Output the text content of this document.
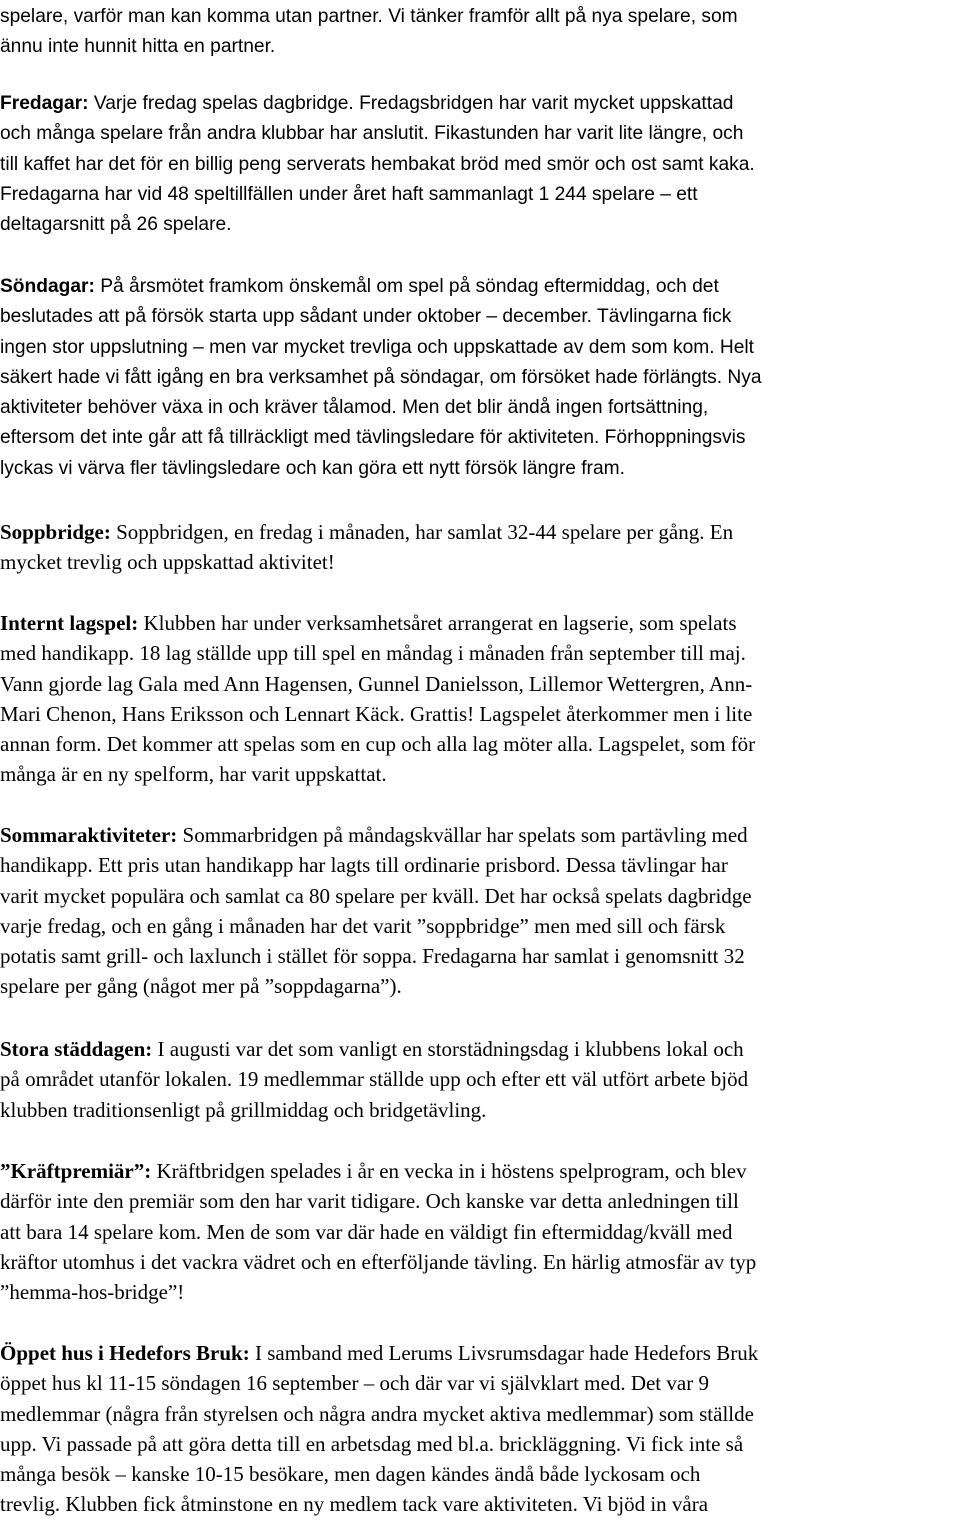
spelare, varför man kan komma utan partner. Vi tänker framför allt på nya spelare, som
ännu inte hunnit hitta en partner.
Fredagar: Varje fredag spelas dagbridge. Fredagsbridgen har varit mycket uppskattad
och många spelare från andra klubbar har anslutit. Fikastunden har varit lite längre, och
till kaffet har det för en billig peng serverats hembakat bröd med smör och ost samt kaka.
Fredagarna har vid 48 speltillfällen under året haft sammanlagt 1 244 spelare – ett
deltagarsnitt på 26 spelare.
Söndagar: På årsmötet framkom önskemål om spel på söndag eftermiddag, och det
beslutades att på försök starta upp sådant under oktober – december. Tävlingarna fick
ingen stor uppslutning – men var mycket trevliga och uppskattade av dem som kom. Helt
säkert hade vi fått igång en bra verksamhet på söndagar, om försöket hade förlängts. Nya
aktiviteter behöver växa in och kräver tålamod. Men det blir ändå ingen fortsättning,
eftersom det inte går att få tillräckligt med tävlingsledare för aktiviteten. Förhoppningsvis
lyckas vi värva fler tävlingsledare och kan göra ett nytt försök längre fram.
Soppbridge: Soppbridgen, en fredag i månaden, har samlat 32-44 spelare per gång. En
mycket trevlig och uppskattad aktivitet!
Internt lagspel: Klubben har under verksamhetsåret arrangerat en lagserie, som spelats
med handikapp. 18 lag ställde upp till spel en måndag i månaden från september till maj.
Vann gjorde lag Gala med Ann Hagensen, Gunnel Danielsson, Lillemor Wettergren, Ann-
Mari Chenon, Hans Eriksson och Lennart Käck. Grattis! Lagspelet återkommer men i lite
annan form. Det kommer att spelas som en cup och alla lag möter alla. Lagspelet, som för
många är en ny spelform, har varit uppskattat.
Sommaraktiviteter: Sommarbridgen på måndagskvällar har spelats som partävling med
handikapp. Ett pris utan handikapp har lagts till ordinarie prisbord. Dessa tävlingar har
varit mycket populära och samlat ca 80 spelare per kväll. Det har också spelats dagbridge
varje fredag, och en gång i månaden har det varit ”soppbridge” men med sill och färsk
potatis samt grill- och laxlunch i stället för soppa. Fredagarna har samlat i genomsnitt 32
spelare per gång (något mer på ”soppdagarna”).
Stora städdagen: I augusti var det som vanligt en storstädningsdag i klubbens lokal och
på området utanför lokalen. 19 medlemmar ställde upp och efter ett väl utfört arbete bjöd
klubben traditionsenligt på grillmiddag och bridgetävling.
”Kräftpremiär”: Kräftbridgen spelades i år en vecka in i höstens spelprogram, och blev
därför inte den premiär som den har varit tidigare. Och kanske var detta anledningen till
att bara 14 spelare kom. Men de som var där hade en väldigt fin eftermiddag/kväll med
kräftor utomhus i det vackra vädret och en efterföljande tävling. En härlig atmosfär av typ
”hemma-hos-bridge”!
Öppet hus i Hedefors Bruk: I samband med Lerums Livsrumsdagar hade Hedefors Bruk
öppet hus kl 11-15 söndagen 16 september – och där var vi självklart med. Det var 9
medlemmar (några från styrelsen och några andra mycket aktiva medlemmar) som ställde
upp. Vi passade på att göra detta till en arbetsdag med bl.a. brickläggning. Vi fick inte så
många besök – kanske 10-15 besökare, men dagen kändes ändå både lyckosam och
trevlig. Klubben fick åtminstone en ny medlem tack vare aktiviteten. Vi bjöd in våra
